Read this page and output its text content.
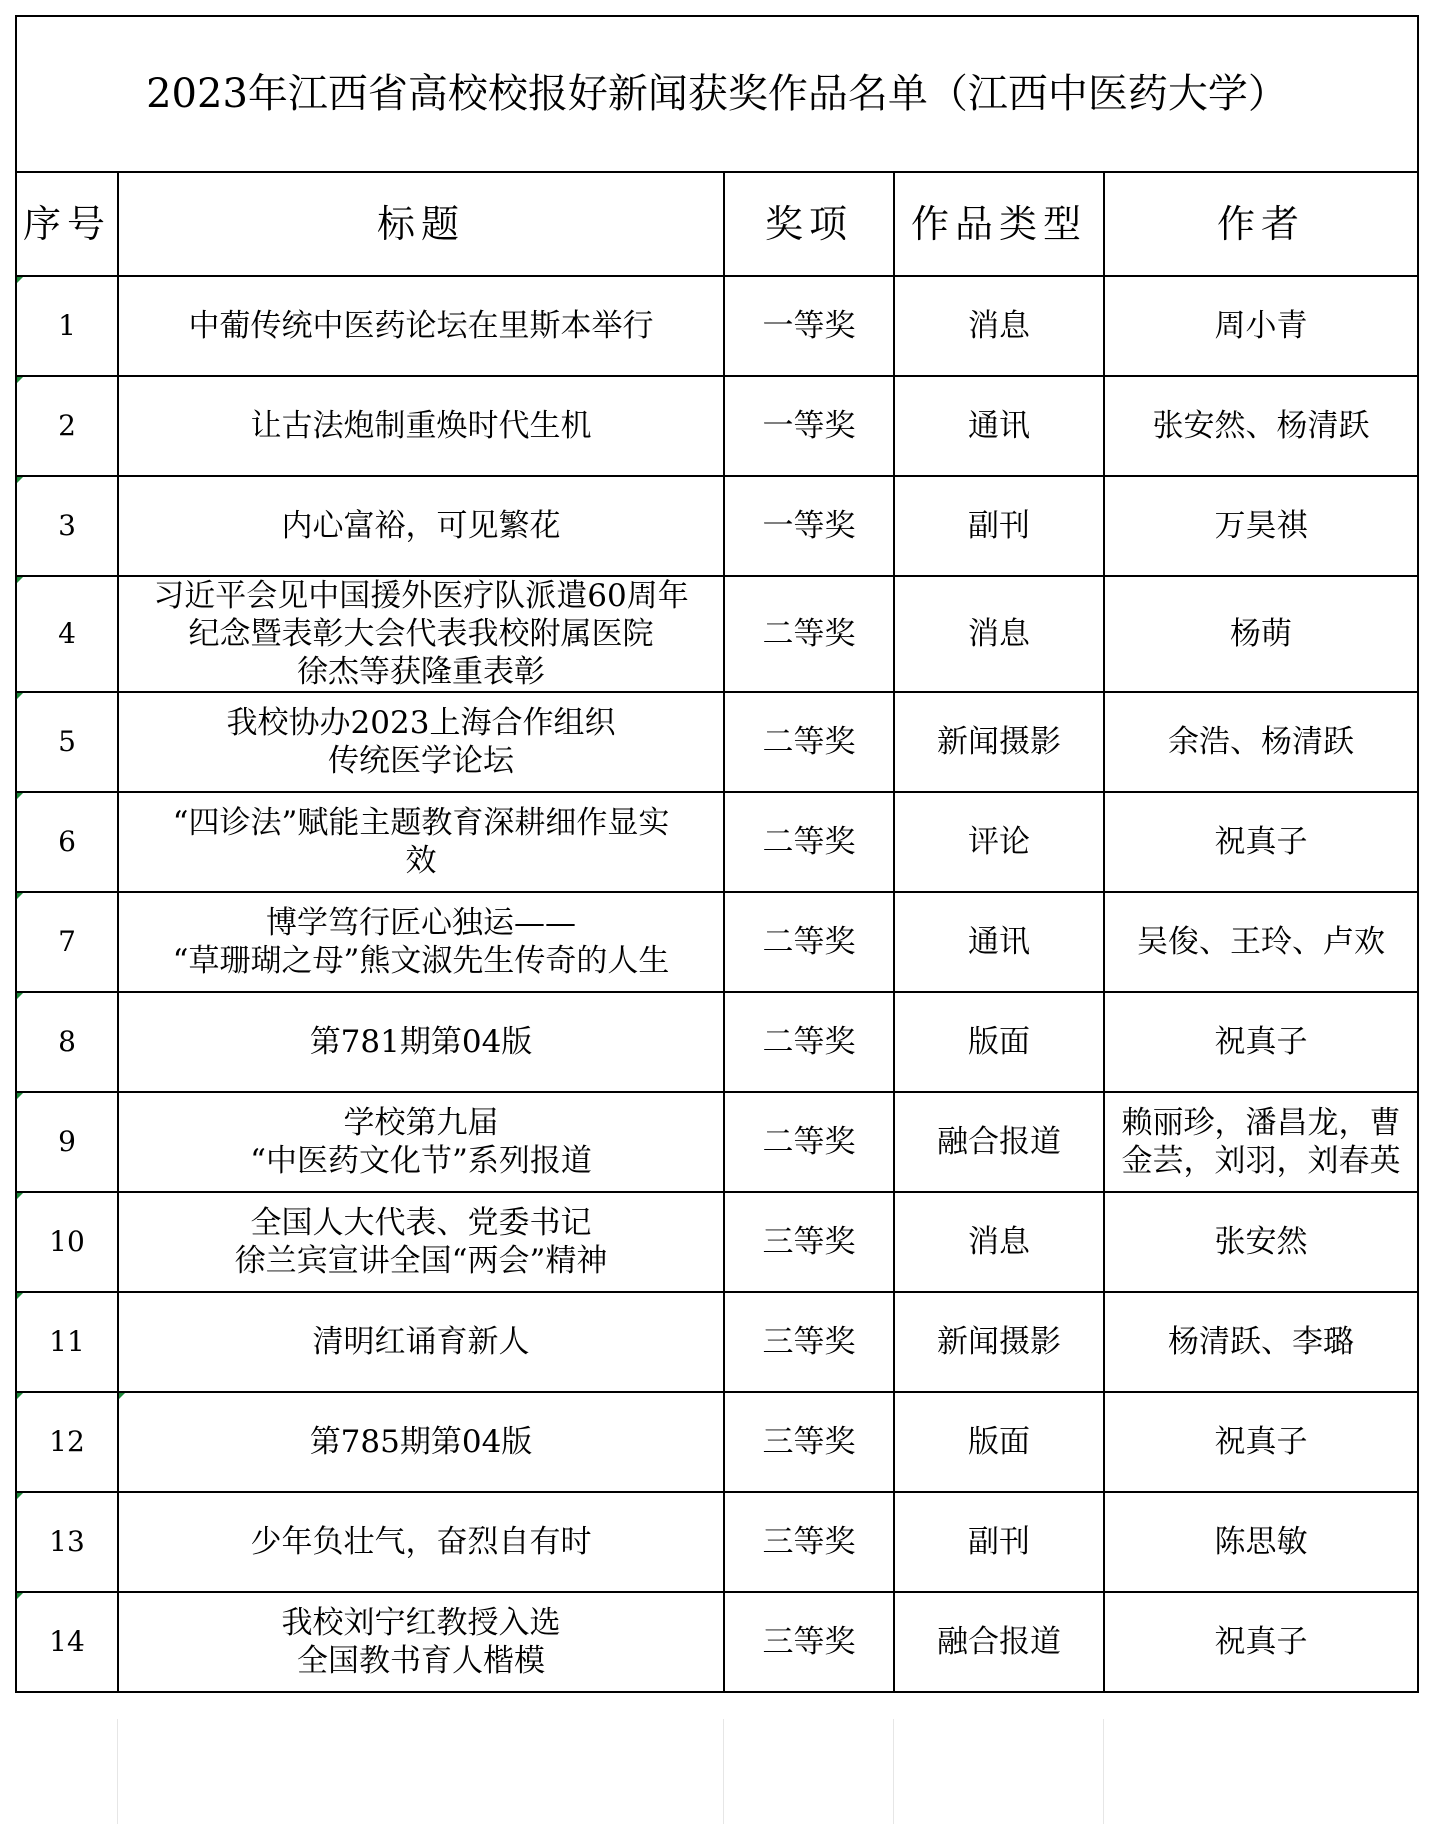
2023年江西省高校校报好新闻获奖作品名单（江西中医药大学）				
序号	标题	奖项	作品类型	作者

1	中葡传统中医药论坛在里斯本举行	一等奖	消息	周小青

2	让古法炮制重焕时代生机	一等奖	通讯	张安然、杨清跃

3	内心富裕，可见繁花	一等奖	副刊	万昊祺

4	习近平会见中国援外医疗队派遣60周年
纪念暨表彰大会代表我校附属医院
徐杰等获隆重表彰	二等奖	消息	杨萌

5	我校协办2023上海合作组织
传统医学论坛	二等奖	新闻摄影	余浩、杨清跃

6	“四诊法”赋能主题教育深耕细作显实
效	二等奖	评论	祝真子

7	博学笃行匠心独运——
“草珊瑚之母”熊文淑先生传奇的人生	二等奖	通讯	吴俊、王玲、卢欢

8	第781期第04版	二等奖	版面	祝真子

9	学校第九届
“中医药文化节”系列报道	二等奖	融合报道	赖丽珍，潘昌龙，曹
金芸，刘羽，刘春英

10	全国人大代表、党委书记
徐兰宾宣讲全国“两会”精神	三等奖	消息	张安然

11	清明红诵育新人	三等奖	新闻摄影	杨清跃、李璐

12	第785期第04版	三等奖	版面	祝真子

13	少年负壮气，奋烈自有时	三等奖	副刊	陈思敏

14	我校刘宁红教授入选
全国教书育人楷模	三等奖	融合报道	祝真子
